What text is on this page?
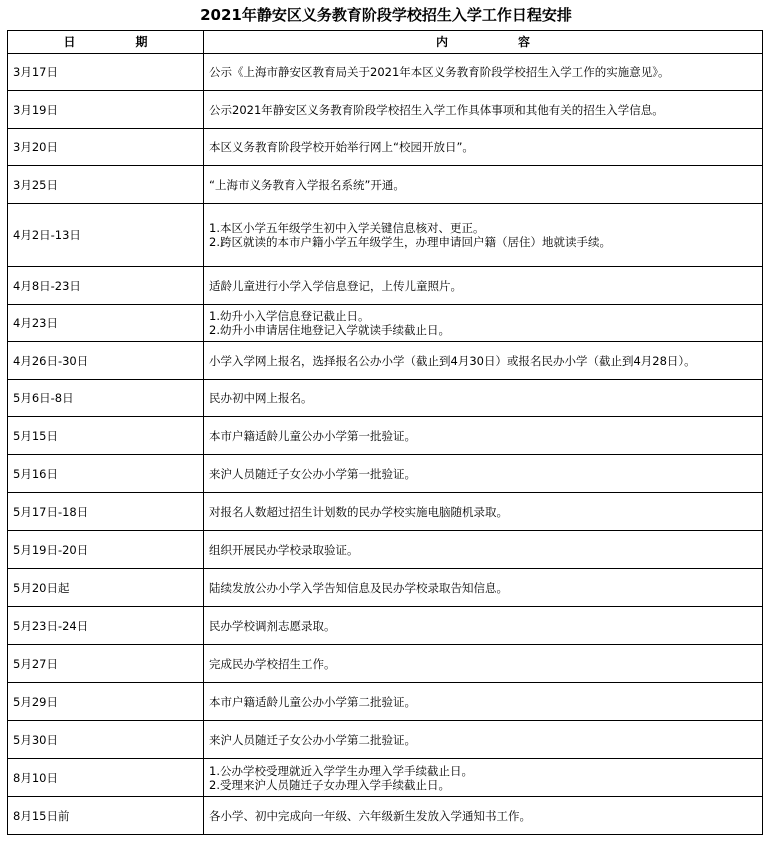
2021年静安区义务教育阶段学校招生入学工作日程安排
日 期	内 容
3月17日	公示《上海市静安区教育局关于2021年本区义务教育阶段学校招生入学工作的实施意见》。

3月19日	公示2021年静安区义务教育阶段学校招生入学工作具体事项和其他有关的招生入学信息。

3月20日	本区义务教育阶段学校开始举行网上“校园开放日”。

3月25日	“上海市义务教育入学报名系统”开通。

4月2日-13日	1.本区小学五年级学生初中入学关键信息核对、更正。
2.跨区就读的本市户籍小学五年级学生，办理申请回户籍（居住）地就读手续。

4月8日-23日	适龄儿童进行小学入学信息登记，上传儿童照片。

4月23日	1.幼升小入学信息登记截止日。
2.幼升小申请居住地登记入学就读手续截止日。

4月26日-30日	小学入学网上报名，选择报名公办小学（截止到4月30日）或报名民办小学（截止到4月28日）。

5月6日-8日	民办初中网上报名。

5月15日	本市户籍适龄儿童公办小学第一批验证。

5月16日	来沪人员随迁子女公办小学第一批验证。

5月17日-18日	对报名人数超过招生计划数的民办学校实施电脑随机录取。

5月19日-20日	组织开展民办学校录取验证。

5月20日起	陆续发放公办小学入学告知信息及民办学校录取告知信息。

5月23日-24日	民办学校调剂志愿录取。

5月27日	完成民办学校招生工作。

5月29日	本市户籍适龄儿童公办小学第二批验证。

5月30日	来沪人员随迁子女公办小学第二批验证。

8月10日	1.公办学校受理就近入学学生办理入学手续截止日。
2.受理来沪人员随迁子女办理入学手续截止日。

8月15日前	各小学、初中完成向一年级、六年级新生发放入学通知书工作。
